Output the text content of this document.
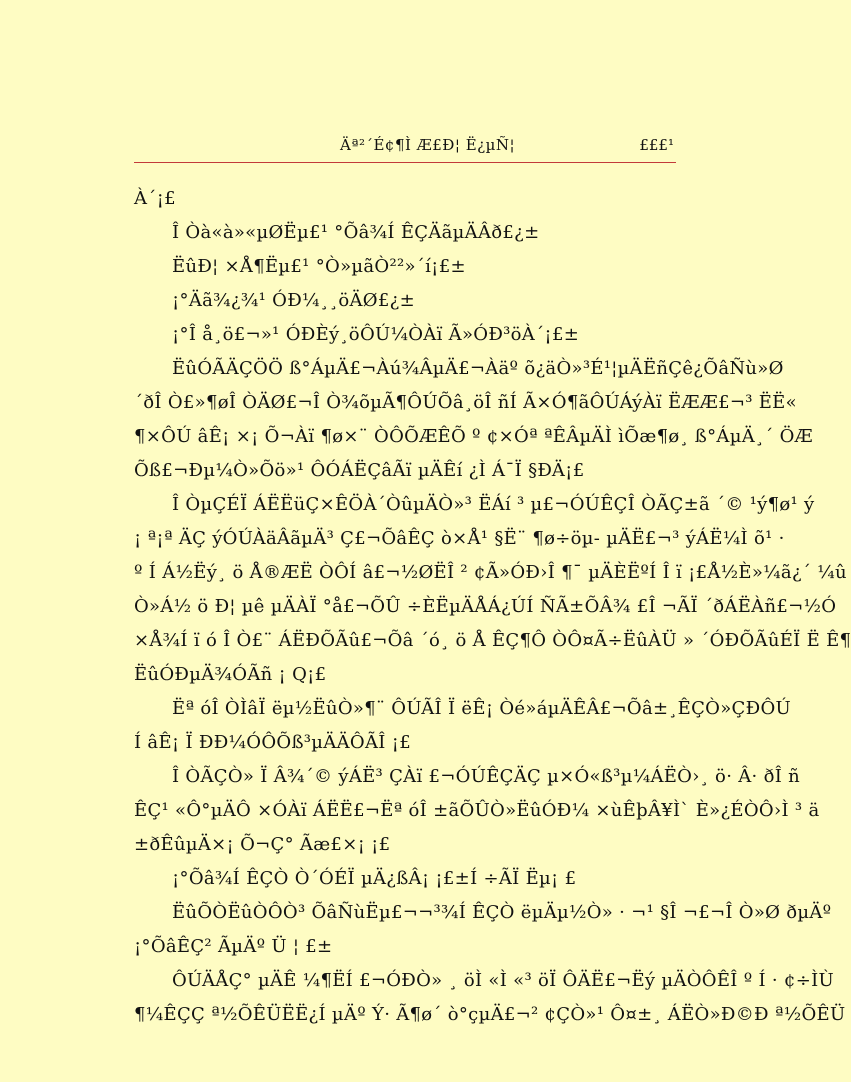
Äª²´É¢¶Ì Æ£Ð¦ Ë¿µÑ¦	£££¹
À´¡£
Î Òà«à»«µØËµ£¹ °Õâ¾Í ÊÇÄãµÄÂð£¿±
ËûÐ¦ ×Å¶Ëµ£¹ °Ò»µãÒ²²»´í¡£±
¡°Äã¾¿¾¹ ÓÐ¼¸¸öÄØ£¿±
¡°Î å¸ö£¬»¹ ÓÐÈý¸öÔÚ¼ÒÀï Ã»ÓÐ³öÀ´¡£±
ËûÓÃÄÇÖÖ ß°ÁµÄ£¬Àú¾ÂµÄ£¬Àäº õ¿äÒ»³É¹¦µÄËñÇê¿ÕâÑù»Ø
´ðÎ Ò£»¶øÎ ÒÄØ£¬Î Ò¾õµÃ¶ÔÚÕâ¸öÎ ñÍ Ã×Ó¶ãÔÚÁýÀï ËÆÆ£¬³ ËË«
¶×ÔÚ âÊ¡ ×¡ Õ¬Àï ¶ø×¨ ÒÔÕÆÊÕ º ¢×Óª ªÊÂµÄÌ ìÕæ¶ø¸ ß°ÁµÄ¸´ ÖÆ
Õß£¬Ðµ¼Ò»Õö»¹ ÔÓÁËÇâÃï µÄÊí ¿Ì Á¯Ï §ÐÄ¡£
Î ÒµÇÉÏ ÁËËüÇ×ÊÖÀ´ÒûµÄÒ»³ ËÁí ³ µ£¬ÓÚÊÇÎ ÒÃÇ±ã ´© ¹ý¶ø¹ ý
¡ ª¡ª ÄÇ ýÓÚÀäÂãµÄ³ Ç£¬ÕâÊÇ ò×Å¹ §Ë¨ ¶ø÷öµ- µÄË£¬³ ýÁË¼Ì õ¹ ·
º Í Á½Ëý¸ ö Å®ÆË ÒÔÍ â£¬½ØËÎ ² ¢Ã»ÓÐ›Î ¶¯ µÄÈËºÍ Î ï ¡£Å½È»¼ã¿´ ¼û
Ò»Á½ ö Ð¦ µê µÄÀÏ °å£¬ÕÛ ÷ÈËµÄÅÁ¿ÚÍ ÑÃ±ÕÂ¾ £Î ¬ÃÏ ´ðÁËÀñ£¬½Ó
×Å¾Í ï ó Î Ò£¨ ÁËÐÕÃû£¬Õâ ´ó¸ ö Å ÊÇ¶Ô ÒÔ¤Ã÷ËûÀÜ » ´ÓÐÕÃûÉÏ Ë Ê¶
ËûÓÐµÄ¾ÓÃñ ¡ Q¡£
Ëª óÎ ÒÌâÏ ëµ½ËûÒ»¶¨ ÔÚÃÎ Ï ëÊ¡ Òé»áµÄÊÂ£¬Õâ±¸ÊÇÒ»ÇÐÔÚ
Í âÊ¡ Ï ÐÐ¼ÓÔÕß³µÄÄÔÃÎ ¡£
Î ÒÃÇÒ» Ï Â¾´© ýÁË³ ÇÀï £¬ÓÚÊÇÄÇ µ×Ó«ß³µ¼ÁËÒ›¸ ö· Â· ðÎ ñ
ÊÇ¹ «Ô°µÄÔ ×ÓÀï ÁËË£¬Ëª óÎ ±ãÕÛÒ»ËûÓÐ¼ ×ùÊþÂ¥Ì` È»¿ÉÒÔ›Ì ³ ä
±ðÊûµÄ×¡ Õ¬Ç° Ãæ£×¡ ¡£
¡°Õâ¾Í ÊÇÒ Ò´ÓÉÏ µÄ¿ßÂ¡ ¡£±Í ÷ÃÏ Ëµ¡ £
ËûÕÒËûÒÔÒ³ ÕâÑùËµ£¬¬³¾Í ÊÇÒ ëµÄµ½Ò» · ¬¹ §Î ¬£¬Î Ò»Ø ðµÄº
¡°ÕâÊÇ² ÃµÄº Ü ¦ £±
ÔÚÄÅÇ° µÄÊ ¼¶ËÍ £¬ÓÐÒ» ¸ öÌ «Ì «³ öÏ ÔÄË£¬Ëý µÄÒÔÊÎ º Í · ¢÷ÌÙ
¶¼ÊÇÇ ª½ÕÊÜËË¿Í µÄº Ý· Ã¶ø´ ò°çµÄ£¬² ¢ÇÒ»¹ Ô¤±¸ ÁËÒ»Ð©Ð ª½ÕÊÜ
